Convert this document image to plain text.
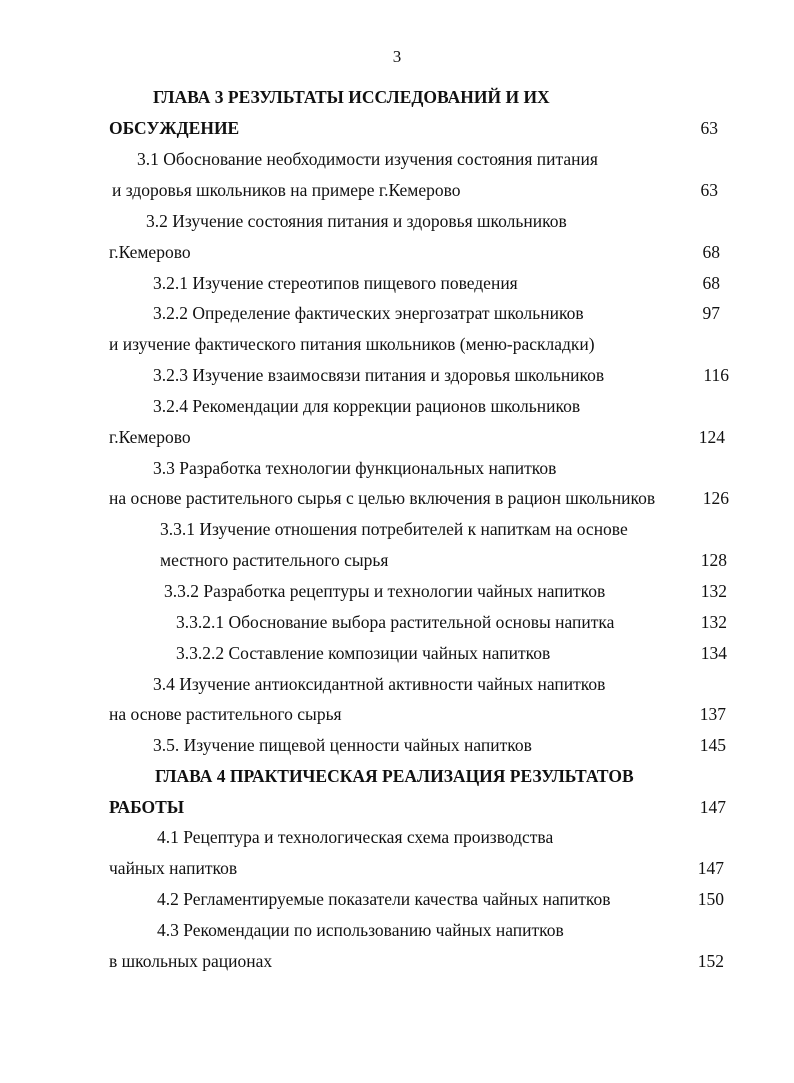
3
ГЛАВА 3 РЕЗУЛЬТАТЫ ИССЛЕДОВАНИЙ И ИХ
ОБСУЖДЕНИЕ	63
3.1 Обоснование необходимости изучения состояния питания
и здоровья школьников на примере г.Кемерово	63
3.2 Изучение состояния питания и здоровья школьников
г.Кемерово	68
3.2.1 Изучение стереотипов пищевого поведения	68
3.2.2 Определение фактических энергозатрат школьников	97
и изучение фактического питания школьников (меню-раскладки)
3.2.3 Изучение взаимосвязи питания и здоровья школьников	116
3.2.4 Рекомендации для коррекции рационов школьников
г.Кемерово	124
3.3 Разработка технологии функциональных напитков
на основе растительного сырья с целью включения в рацион школьников	126
3.3.1 Изучение отношения потребителей к напиткам на основе
местного растительного сырья	128
3.3.2 Разработка рецептуры и технологии чайных напитков	132
3.3.2.1 Обоснование выбора растительной основы напитка	132
3.3.2.2 Составление композиции чайных напитков	134
3.4 Изучение антиоксидантной активности чайных напитков
на основе растительного сырья	137
3.5. Изучение пищевой ценности чайных напитков	145
ГЛАВА 4 ПРАКТИЧЕСКАЯ РЕАЛИЗАЦИЯ РЕЗУЛЬТАТОВ
РАБОТЫ	147
4.1 Рецептура и технологическая схема производства
чайных напитков	147
4.2 Регламентируемые показатели качества чайных напитков	150
4.3 Рекомендации по использованию чайных напитков
в школьных рационах	152
